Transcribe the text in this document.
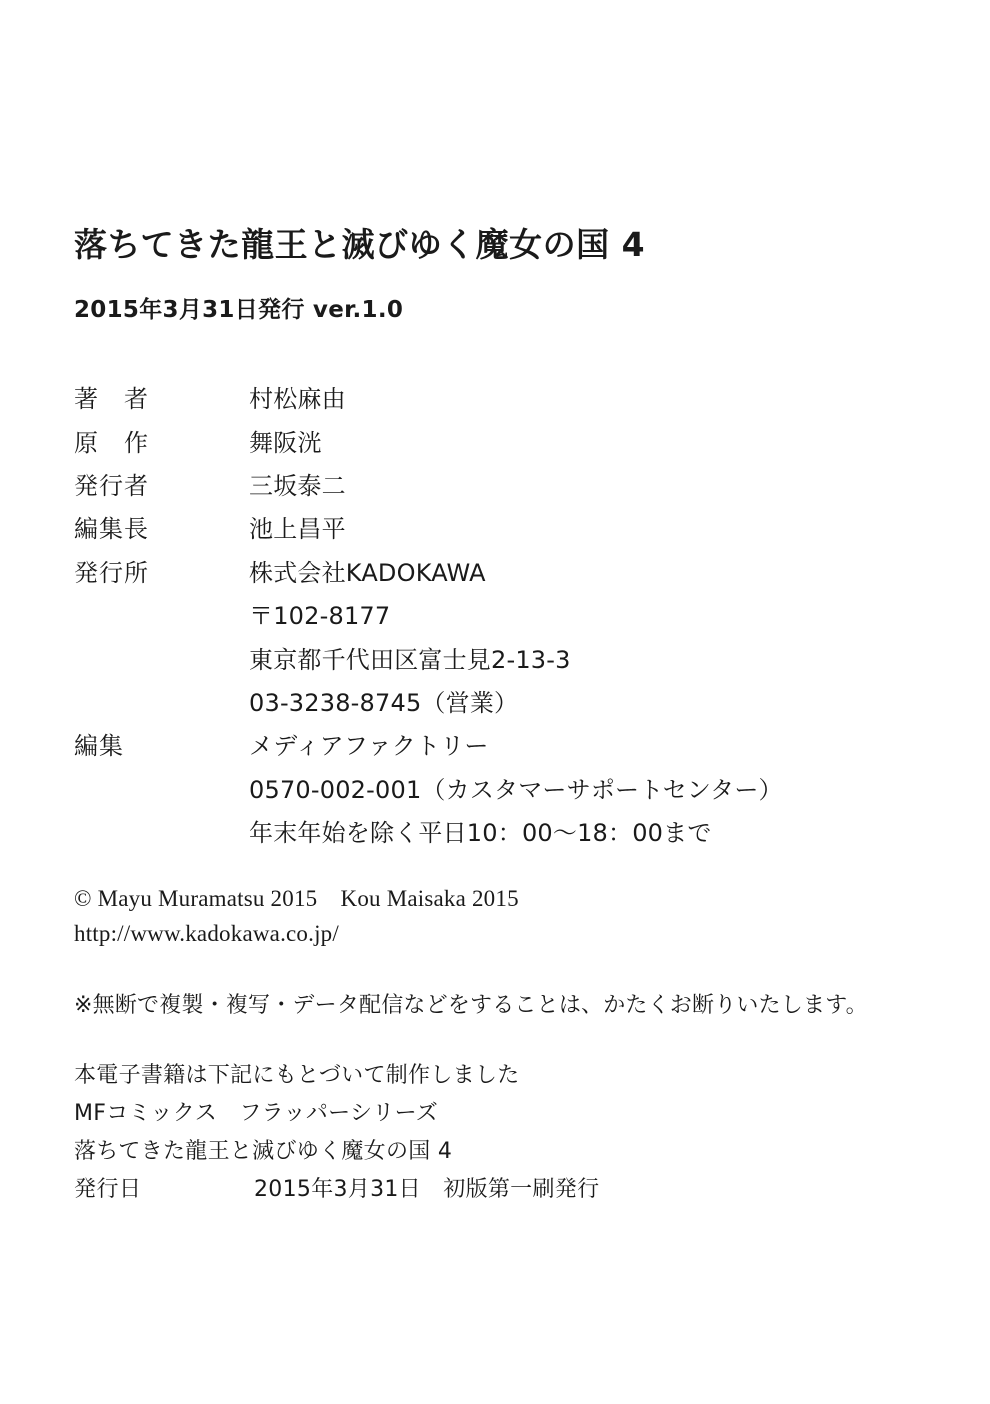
落ちてきた龍王と滅びゆく魔女の国 4
2015年3月31日発行 ver.1.0
著　者	村松麻由
原　作	舞阪洸
発行者	三坂泰二
編集長	池上昌平
発行所	株式会社KADOKAWA
〒102-8177
東京都千代田区富士見2-13-3
03-3238-8745（営業）
編集	メディアファクトリー
0570-002-001（カスタマーサポートセンター）
年末年始を除く平日10：00〜18：00まで
© Mayu Muramatsu 2015　Kou Maisaka 2015
http://www.kadokawa.co.jp/
※無断で複製・複写・データ配信などをすることは、かたくお断りいたします。
本電子書籍は下記にもとづいて制作しました
MFコミックス　フラッパーシリーズ
落ちてきた龍王と滅びゆく魔女の国 4
発行日	2015年3月31日　初版第一刷発行
